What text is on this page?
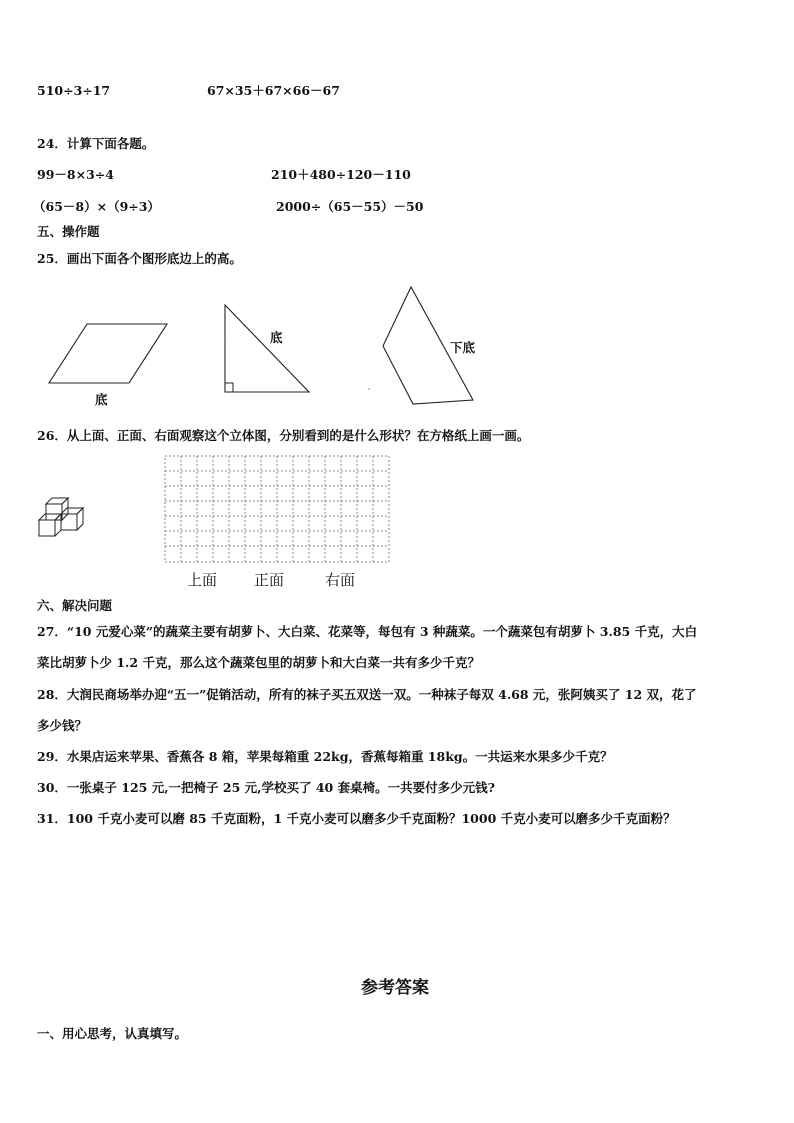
510÷3÷17	67×35＋67×66－67
24．计算下面各题。
99－8×3÷4	210＋480÷120－110
（65－8）×（9÷3）	2000÷（65－55）－50
五、操作题
25．画出下面各个图形底边上的高。
底
底
下底
26．从上面、正面、右面观察这个立体图，分别看到的是什么形状？在方格纸上画一画。
上面 正面	右面
六、解决问题
27．“10 元爱心菜”的蔬菜主要有胡萝卜、大白菜、花菜等，每包有 3 种蔬菜。一个蔬菜包有胡萝卜 3.85 千克，大白
菜比胡萝卜少 1.2 千克，那么这个蔬菜包里的胡萝卜和大白菜一共有多少千克？
28．大润民商场举办迎“五一”促销活动，所有的袜子买五双送一双。一种袜子每双 4.68 元，张阿姨买了 12 双，花了
多少钱？
29．水果店运来苹果、香蕉各 8 箱，苹果每箱重 22kg，香蕉每箱重 18kg。一共运来水果多少千克？
30．一张桌子 125 元,一把椅子 25 元,学校买了 40 套桌椅。一共要付多少元钱?
31．100 千克小麦可以磨 85 千克面粉，1 千克小麦可以磨多少千克面粉？1000 千克小麦可以磨多少千克面粉？
参考答案
一、用心思考，认真填写。
